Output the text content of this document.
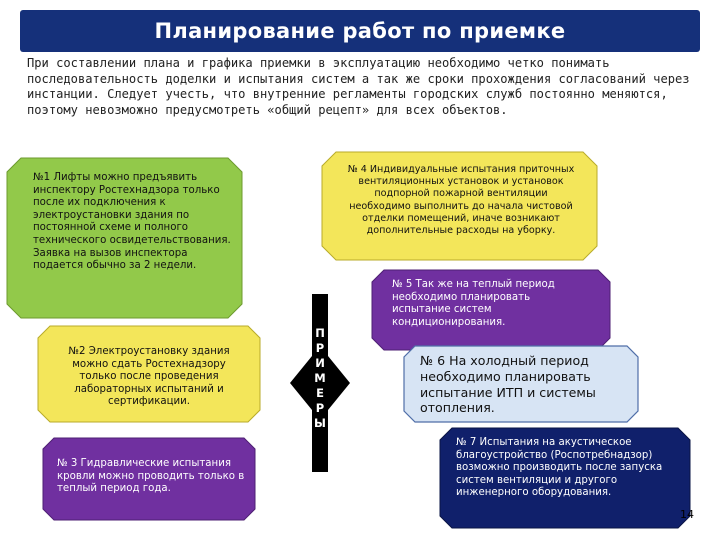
Планирование работ по приемке

При составлении плана и графика приемки в эксплуатацию необходимо четко понимать последовательность доделки и испытания систем а так же сроки прохождения согласований через инстанции. Следует учесть, что внутренние регламенты городских служб постоянно меняются, поэтому невозможно предусмотреть «общий рецепт» для всех объектов.

№1 Лифты можно предъявить инспектору Ростехнадзора только после их подключения к электроустановки здания по постоянной схеме и полного технического освидетельствования. Заявка на вызов инспектора подается обычно за 2 недели.
№2 Электроустановку здания можно сдать Ростехнадзору только после проведения лабораторных испытаний и сертификации.
№ 3 Гидравлические испытания кровли можно проводить только в теплый период года.
ПРИМЕРЫ
№ 4 Индивидуальные испытания приточных вентиляционных установок и установок подпорной пожарной вентиляции необходимо выполнить до начала чистовой отделки помещений, иначе возникают дополнительные расходы на уборку.
№ 5 Так же на теплый период необходимо планировать испытание систем кондиционирования.
№ 6 На холодный период необходимо планировать испытание ИТП и системы отопления.
№ 7 Испытания на акустическое благоустройство (Роспотребнадзор) возможно производить после запуска систем вентиляции и другого инженерного оборудования.
14
